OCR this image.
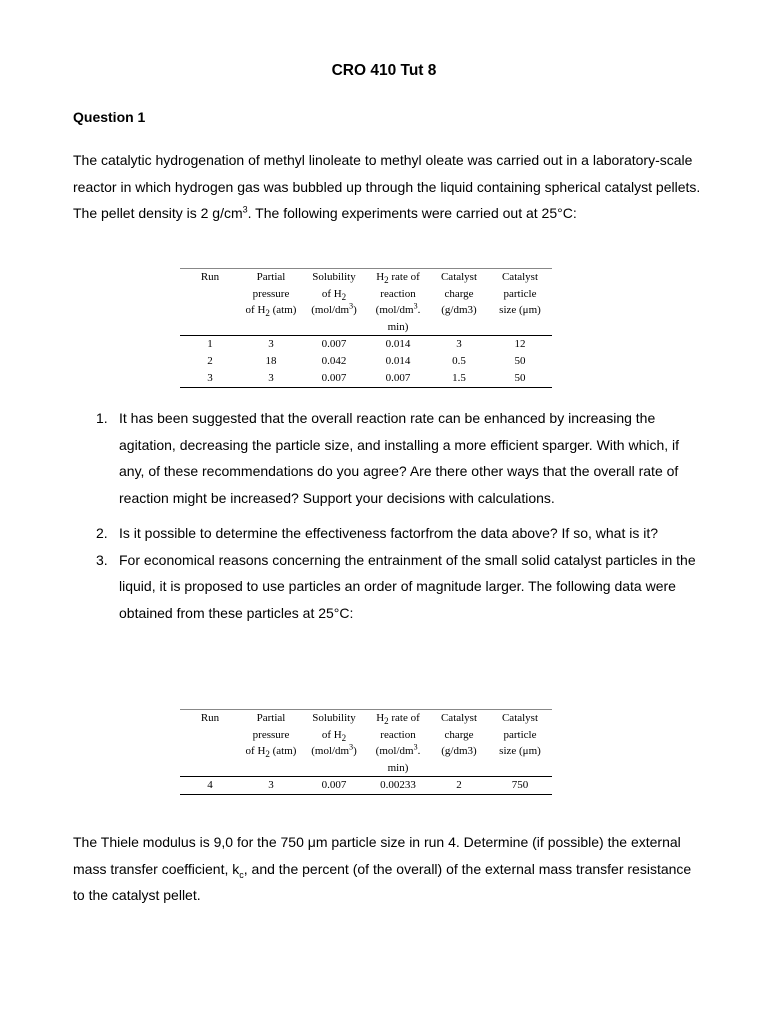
CRO 410 Tut 8
Question 1
The catalytic hydrogenation of methyl linoleate to methyl oleate was carried out in a laboratory-scale reactor in which hydrogen gas was bubbled up through the liquid containing spherical catalyst pellets. The pellet density is 2 $g/cm^3$. The following experiments were carried out at 25°C:
Run	Partial
pressure
of $H_2$ (atm)	Solubility
of $H_2$
$(mol/dm^3)$	$H_2$ rate of
reaction
($mol/dm^3$.
min)	Catalyst
charge
(g/dm3)	Catalyst
particle
size (μm)
1	3	0.007	0.014	3	12
2	18	0.042	0.014	0.5	50
3	3	0.007	0.007	1.5	50
1. It has been suggested that the overall reaction rate can be enhanced by increasing the agitation, decreasing the particle size, and installing a more efficient sparger. With which, if any, of these recommendations do you agree? Are there other ways that the overall rate of reaction might be increased? Support your decisions with calculations.
2. Is it possible to determine the effectiveness factorfrom the data above? If so, what is it?
3. For economical reasons concerning the entrainment of the small solid catalyst particles in the liquid, it is proposed to use particles an order of magnitude larger. The following data were obtained from these particles at 25°C:
Run	Partial
pressure
of $H_2$ (atm)	Solubility
of $H_2$
$(mol/dm^3)$	$H_2$ rate of
reaction
($mol/dm^3$.
min)	Catalyst
charge
(g/dm3)	Catalyst
particle
size (μm)
4	3	0.007	0.00233	2	750
The Thiele modulus is 9,0 for the 750 μm particle size in run 4. Determine (if possible) the external mass transfer coefficient, $k_c$, and the percent (of the overall) of the external mass transfer resistance to the catalyst pellet.
